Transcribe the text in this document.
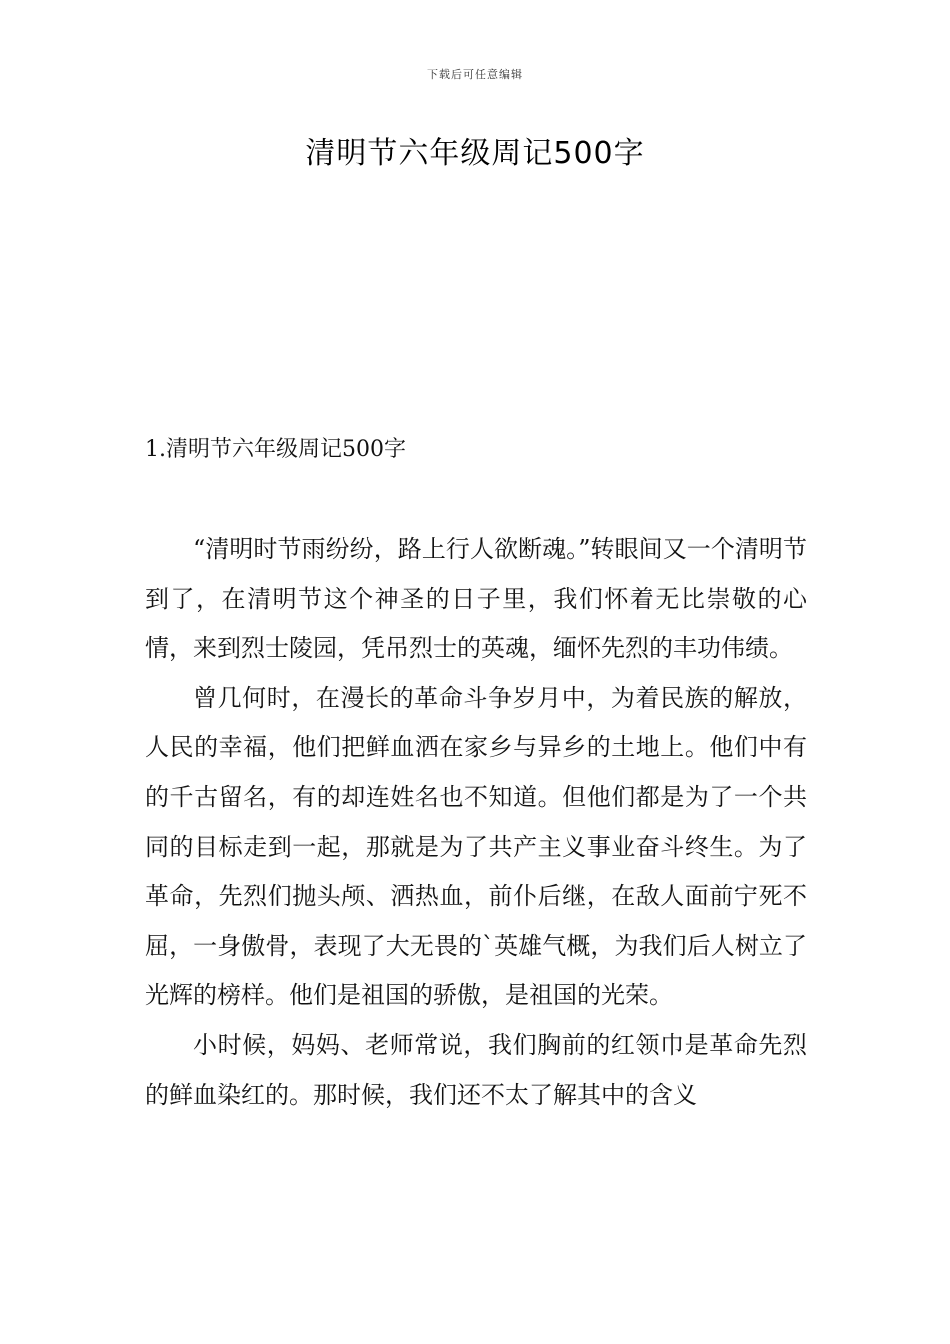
下载后可任意编辑
清明节六年级周记500字
1.清明节六年级周记500字

“清明时节雨纷纷，路上行人欲断魂。”转眼间又一个清明节到了，在清明节这个神圣的日子里，我们怀着无比崇敬的心情，来到烈士陵园，凭吊烈士的英魂，缅怀先烈的丰功伟绩。

曾几何时，在漫长的革命斗争岁月中，为着民族的解放，人民的幸福，他们把鲜血洒在家乡与异乡的土地上。他们中有的千古留名，有的却连姓名也不知道。但他们都是为了一个共同的目标走到一起，那就是为了共产主义事业奋斗终生。为了革命，先烈们抛头颅、洒热血，前仆后继，在敌人面前宁死不屈，一身傲骨，表现了大无畏的`英雄气概，为我们后人树立了光辉的榜样。他们是祖国的骄傲，是祖国的光荣。

小时候，妈妈、老师常说，我们胸前的红领巾是革命先烈的鲜血染红的。那时候，我们还不太了解其中的含义
